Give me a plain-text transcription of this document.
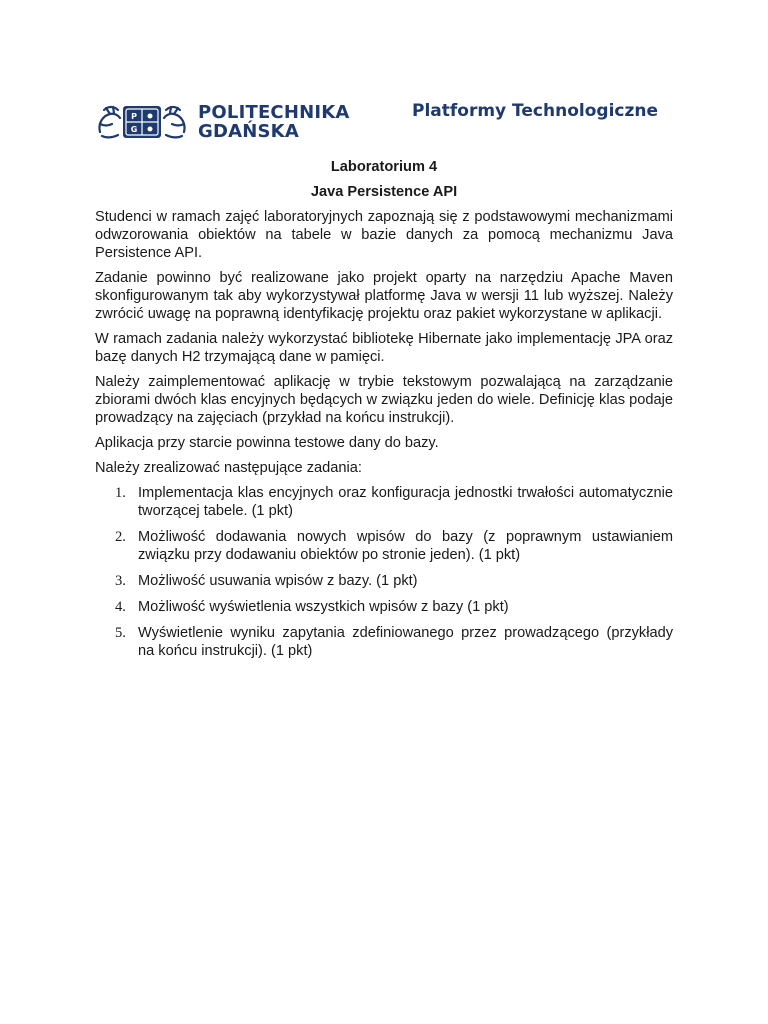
P
G
POLITECHNIKA
GDAŃSKA
Platformy Technologiczne

Laboratorium 4

Java Persistence API

Studenci w ramach zajęć laboratoryjnych zapoznają się z podstawowymi mechanizmami odwzorowania obiektów na tabele w bazie danych za pomocą mechanizmu Java Persistence API.

Zadanie powinno być realizowane jako projekt oparty na narzędziu Apache Maven skonfigurowanym tak aby wykorzystywał platformę Java w wersji 11 lub wyższej. Należy zwrócić uwagę na poprawną identyfikację projektu oraz pakiet wykorzystane w aplikacji.

W ramach zadania należy wykorzystać bibliotekę Hibernate jako implementację JPA oraz bazę danych H2 trzymającą dane w pamięci.

Należy zaimplementować aplikację w trybie tekstowym pozwalającą na zarządzanie zbiorami dwóch klas encyjnych będących w związku jeden do wiele. Definicję klas podaje prowadzący na zajęciach (przykład na końcu instrukcji).

Aplikacja przy starcie powinna testowe dany do bazy.

Należy zrealizować następujące zadania:

1. Implementacja klas encyjnych oraz konfiguracja jednostki trwałości automatycznie tworzącej tabele. (1 pkt)
2. Możliwość dodawania nowych wpisów do bazy (z poprawnym ustawianiem związku przy dodawaniu obiektów po stronie jeden). (1 pkt)
3. Możliwość usuwania wpisów z bazy. (1 pkt)
4. Możliwość wyświetlenia wszystkich wpisów z bazy (1 pkt)
5. Wyświetlenie wyniku zapytania zdefiniowanego przez prowadzącego (przykłady na końcu instrukcji). (1 pkt)
